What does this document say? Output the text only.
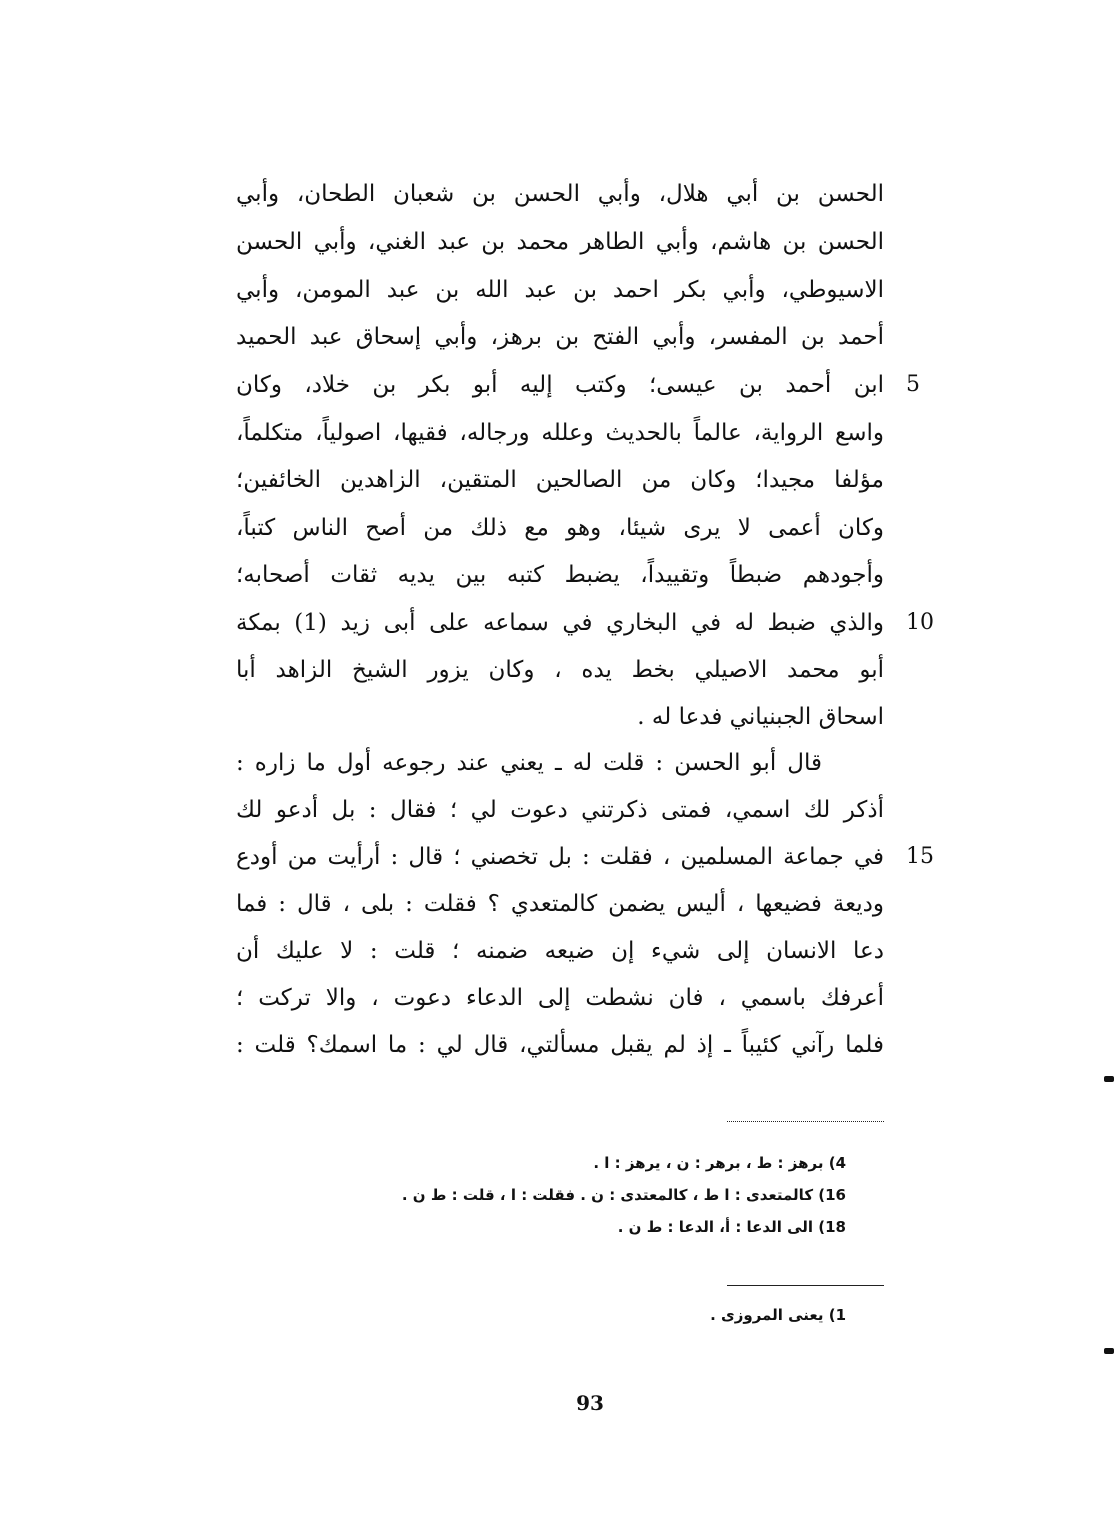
الحسن بن أبي هلال، وأبي الحسن بن شعبان الطحان، وأبي
الحسن بن هاشم، وأبي الطاهر محمد بن عبد الغني، وأبي الحسن
الاسيوطي، وأبي بكر احمد بن عبد الله بن عبد المومن، وأبي
أحمد بن المفسر، وأبي الفتح بن برهز، وأبي إسحاق عبد الحميد
ابن أحمد بن عيسى؛ وكتب إليه أبو بكر بن خلاد، وكان
واسع الرواية، عالماً بالحديث وعلله ورجاله، فقيها، اصولياً، متكلماً،
مؤلفا مجيدا؛ وكان من الصالحين المتقين، الزاهدين الخائفين؛
وكان أعمى لا يرى شيئا، وهو مع ذلك من أصح الناس كتباً،
وأجودهم ضبطاً وتقييداً، يضبط كتبه بين يديه ثقات أصحابه؛
والذي ضبط له في البخاري في سماعه على أبى زيد (1) بمكة
أبو محمد الاصيلي بخط يده ، وكان يزور الشيخ الزاهد أبا
اسحاق الجبنياني فدعا له .
قال أبو الحسن : قلت له ـ يعني عند رجوعه أول ما زاره :
أذكر لك اسمي، فمتى ذكرتني دعوت لي ؛ فقال : بل أدعو لك
في جماعة المسلمين ، فقلت : بل تخصني ؛ قال : أرأيت من أودع
وديعة فضيعها ، أليس يضمن كالمتعدي ؟ فقلت : بلى ، قال : فما
دعا الانسان إلى شيء إن ضيعه ضمنه ؛ قلت : لا عليك أن
أعرفك باسمي ، فان نشطت إلى الدعاء دعوت ، والا تركت ؛
فلما رآني كئيباً ـ إذ لم يقبل مسألتي، قال لي : ما اسمك؟ قلت :
5
10
15
4) برهز : ط ، برهر : ن ، يرهز : ا .
16) كالمتعدى : ا ط ، كالمعتدى : ن . فقلت : ا ، قلت : ط ن .
18) الى الدعا : أ، الدعا : ط ن .
1) يعنى المروزى .
93
